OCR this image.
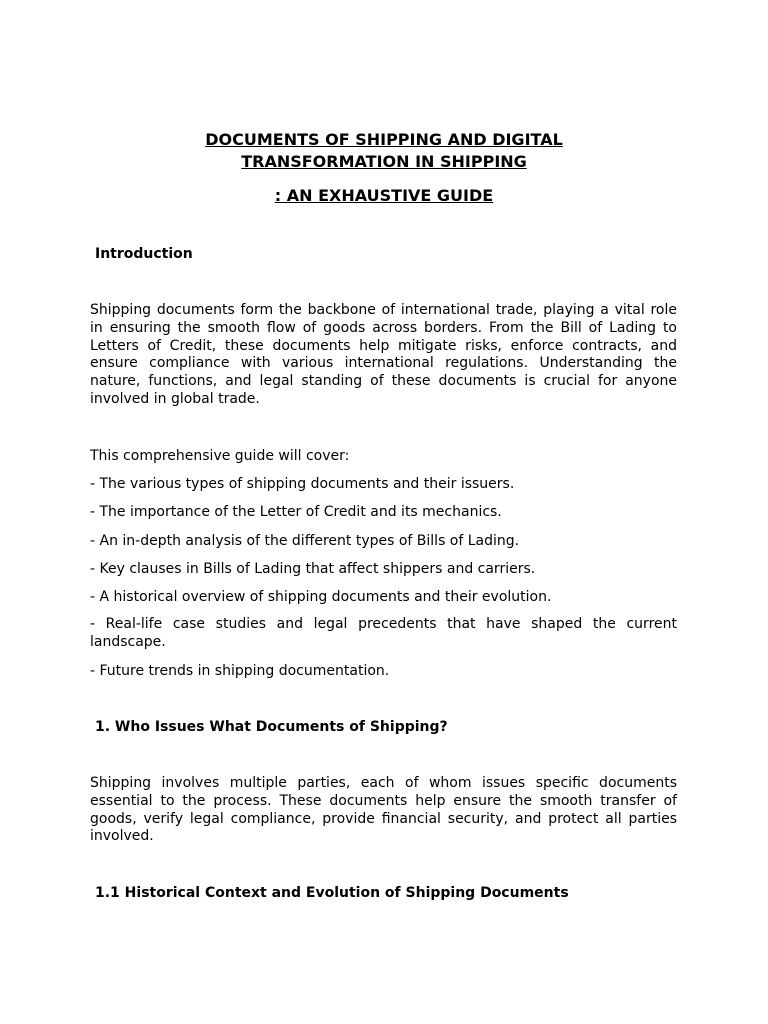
DOCUMENTS OF SHIPPING AND DIGITAL
TRANSFORMATION IN SHIPPING
: AN EXHAUSTIVE GUIDE
Introduction
Shipping documents form the backbone of international trade, playing a vital role in ensuring the smooth flow of goods across borders. From the Bill of Lading to Letters of Credit, these documents help mitigate risks, enforce contracts, and ensure compliance with various international regulations. Understanding the nature, functions, and legal standing of these documents is crucial for anyone involved in global trade.
This comprehensive guide will cover:
- The various types of shipping documents and their issuers.
- The importance of the Letter of Credit and its mechanics.
- An in-depth analysis of the different types of Bills of Lading.
- Key clauses in Bills of Lading that affect shippers and carriers.
- A historical overview of shipping documents and their evolution.
- Real-life case studies and legal precedents that have shaped the current landscape.
- Future trends in shipping documentation.
1. Who Issues What Documents of Shipping?
Shipping involves multiple parties, each of whom issues specific documents essential to the process. These documents help ensure the smooth transfer of goods, verify legal compliance, provide financial security, and protect all parties involved.
1.1 Historical Context and Evolution of Shipping Documents
